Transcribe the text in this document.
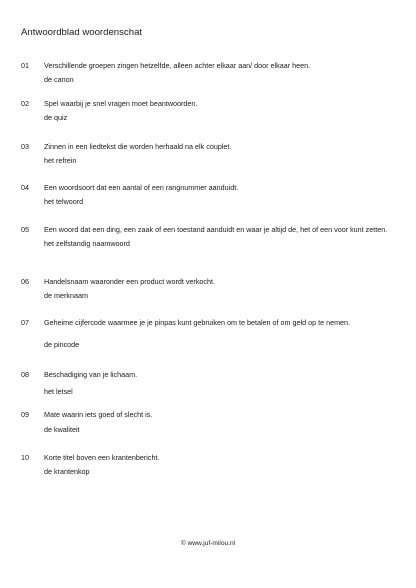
Antwoordblad woordenschat
01	Verschillende groepen zingen hetzelfde, alleen achter elkaar aan/ door elkaar heen.
de canon
02	Spel waarbij je snel vragen moet beantwoorden.
de quiz
03	Zinnen in een liedtekst die worden herhaald na elk couplet.
het refrein
04	Een woordsoort dat een aantal of een rangnummer aanduidt.
het telwoord
05	Een woord dat een ding, een zaak of een toestand aanduidt en waar je altijd de, het of een voor kunt zetten.
het zelfstandig naamwoord
06	Handelsnaam waaronder een product wordt verkocht.
de merknaam
07	Geheime cijfercode waarmee je je pinpas kunt gebruiken om te betalen of om geld op te nemen.
de pincode
08	Beschadiging van je lichaam.
het letsel
09	Mate waarin iets goed of slecht is.
de kwaliteit
10	Korte titel boven een krantenbericht.
de krantenkop
© www.juf-milou.nl
